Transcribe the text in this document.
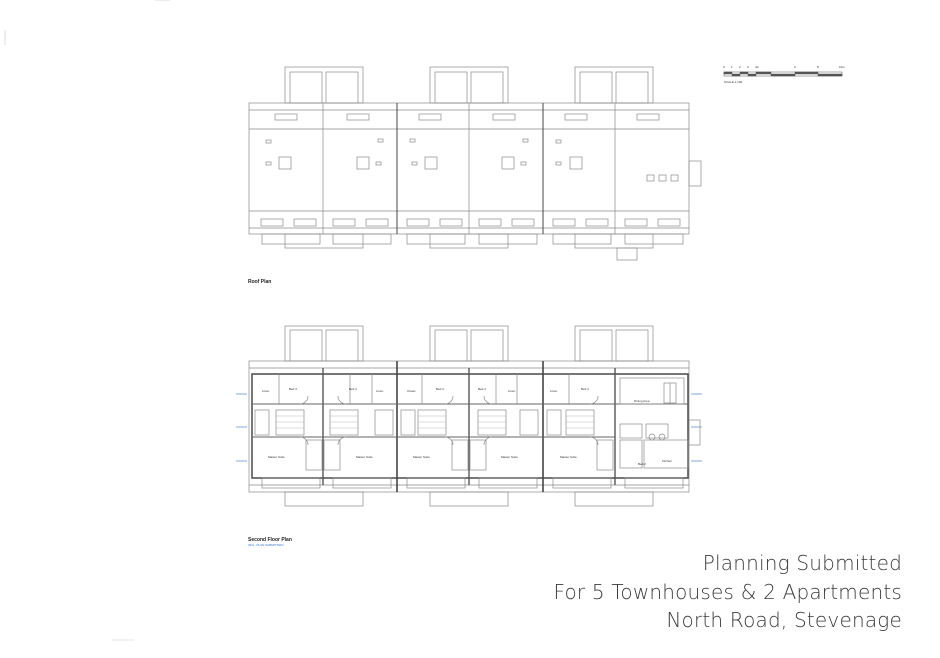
Bed 4	Bed 4	Bed 4	Bed 4	Bed 4
Linen	Linen	Linen	Linen
Closet
Master Suite	Master Suite	Master Suite	Master Suite	Master Suite
Dining Area
Kitchen
Bed 2
Roof Plan
Second Floor Plan
(N/A - PLAN SUBMITTED)
SCALE 1:100
0 1 2 3 4m	6	8	10m
Planning Submitted
For 5 Townhouses & 2 Apartments
North Road, Stevenage
